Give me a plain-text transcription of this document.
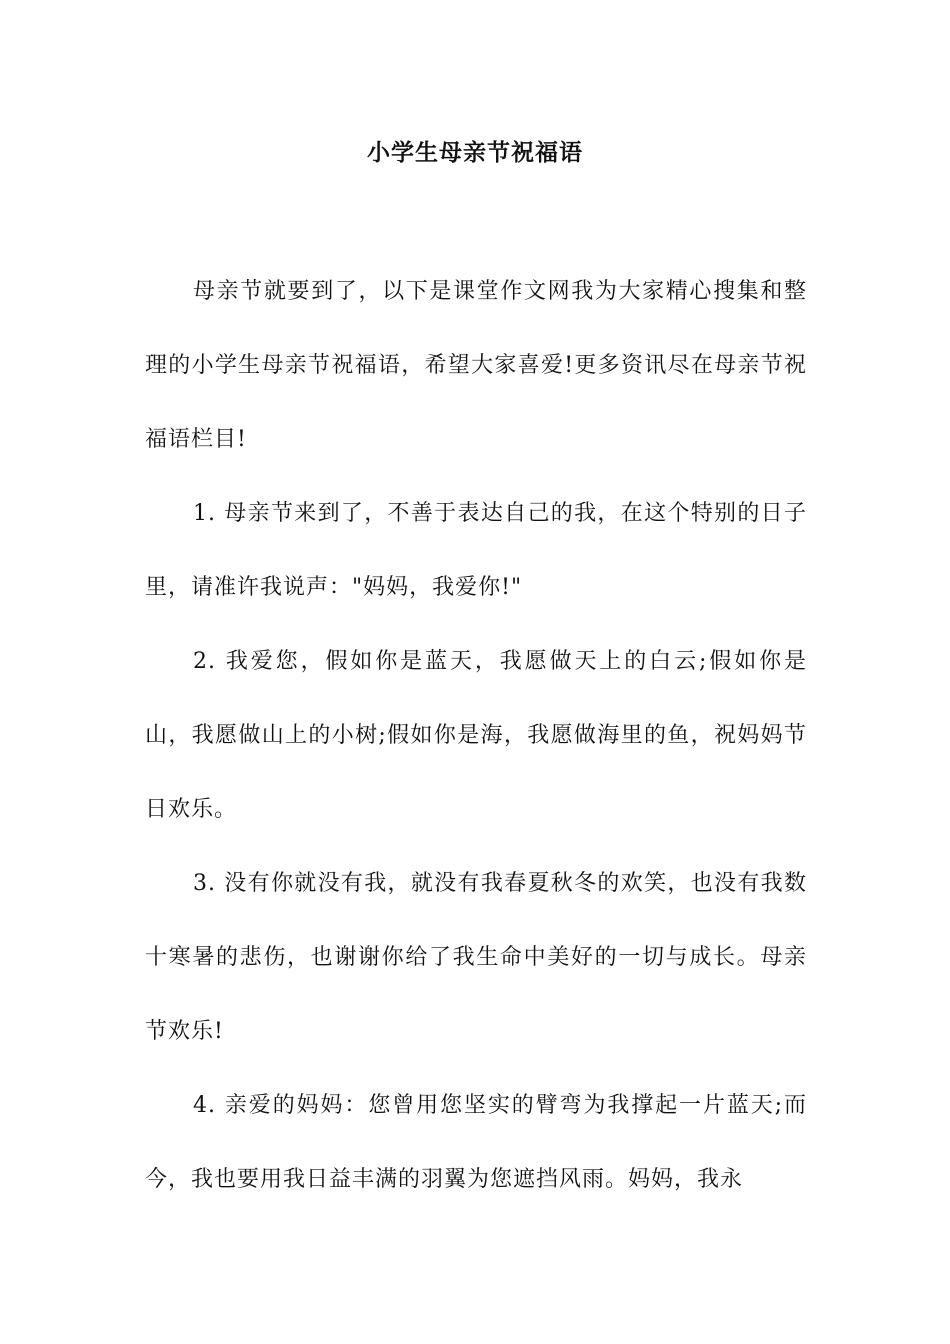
小学生母亲节祝福语

母亲节就要到了，以下是课堂作文网我为大家精心搜集和整理的小学生母亲节祝福语，希望大家喜爱!更多资讯尽在母亲节祝福语栏目!

1. 母亲节来到了，不善于表达自己的我，在这个特别的日子里，请准许我说声："妈妈，我爱你!"

2. 我爱您，假如你是蓝天，我愿做天上的白云;假如你是山，我愿做山上的小树;假如你是海，我愿做海里的鱼，祝妈妈节日欢乐。

3. 没有你就没有我，就没有我春夏秋冬的欢笑，也没有我数十寒暑的悲伤，也谢谢你给了我生命中美好的一切与成长。母亲节欢乐!

4. 亲爱的妈妈：您曾用您坚实的臂弯为我撑起一片蓝天;而今，我也要用我日益丰满的羽翼为您遮挡风雨。妈妈，我永
